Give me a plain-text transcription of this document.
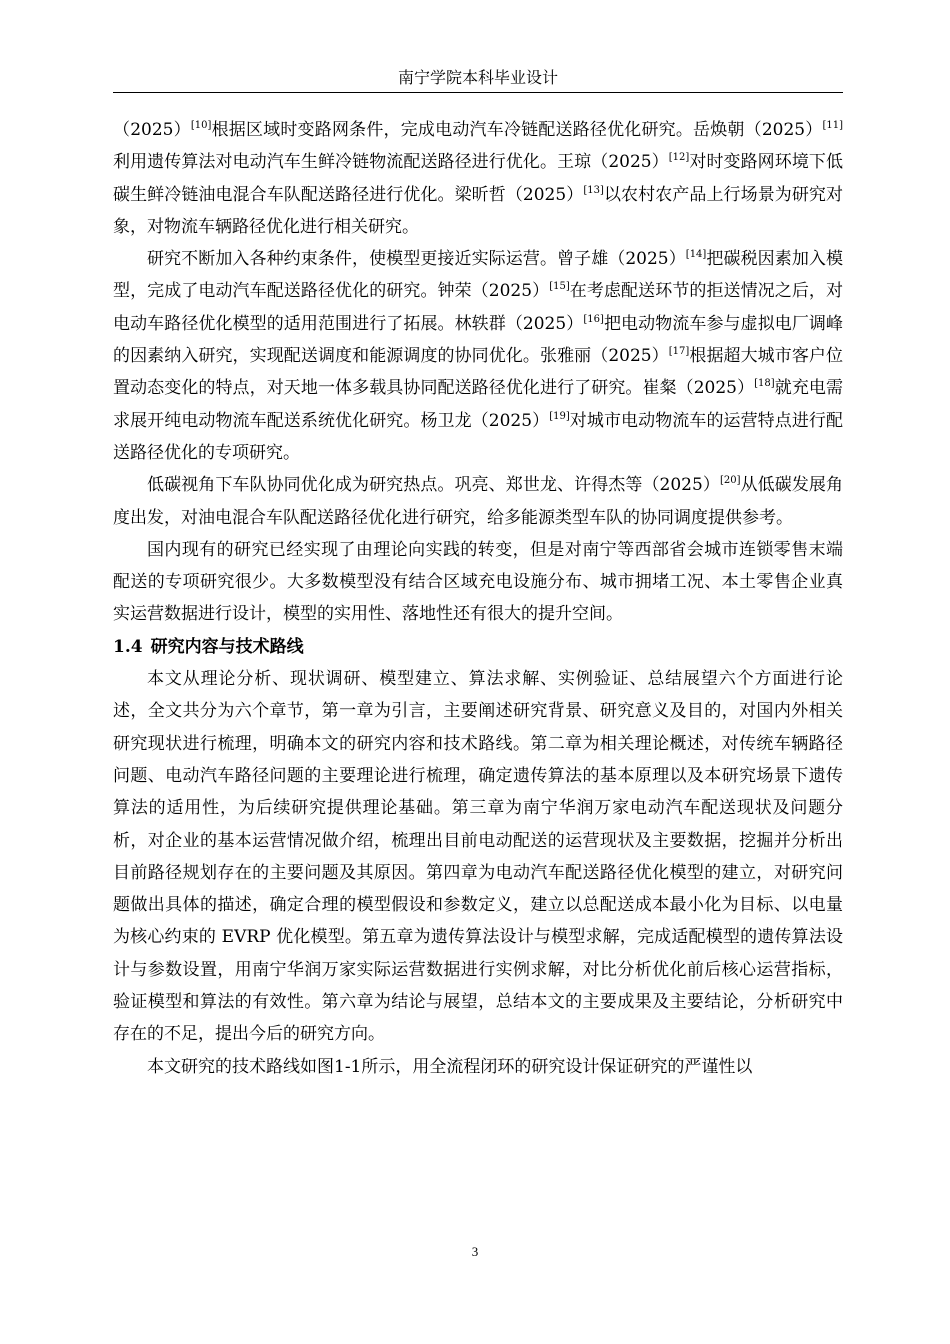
南宁学院本科毕业设计

（2025）[10]根据区域时变路网条件，完成电动汽车冷链配送路径优化研究。岳焕朝（2025）[11]利用遗传算法对电动汽车生鲜冷链物流配送路径进行优化。王琼（2025）[12]对时变路网环境下低碳生鲜冷链油电混合车队配送路径进行优化。梁昕哲（2025）[13]以农村农产品上行场景为研究对象，对物流车辆路径优化进行相关研究。

研究不断加入各种约束条件，使模型更接近实际运营。曾子雄（2025）[14]把碳税因素加入模型，完成了电动汽车配送路径优化的研究。钟荣（2025）[15]在考虑配送环节的拒送情况之后，对电动车路径优化模型的适用范围进行了拓展。林轶群（2025）[16]把电动物流车参与虚拟电厂调峰的因素纳入研究，实现配送调度和能源调度的协同优化。张雅丽（2025）[17]根据超大城市客户位置动态变化的特点，对天地一体多载具协同配送路径优化进行了研究。崔粲（2025）[18]就充电需求展开纯电动物流车配送系统优化研究。杨卫龙（2025）[19]对城市电动物流车的运营特点进行配送路径优化的专项研究。

低碳视角下车队协同优化成为研究热点。巩亮、郑世龙、许得杰等（2025）[20]从低碳发展角度出发，对油电混合车队配送路径优化进行研究，给多能源类型车队的协同调度提供参考。

国内现有的研究已经实现了由理论向实践的转变，但是对南宁等西部省会城市连锁零售末端配送的专项研究很少。大多数模型没有结合区域充电设施分布、城市拥堵工况、本土零售企业真实运营数据进行设计，模型的实用性、落地性还有很大的提升空间。

1.4 研究内容与技术路线

本文从理论分析、现状调研、模型建立、算法求解、实例验证、总结展望六个方面进行论述，全文共分为六个章节，第一章为引言，主要阐述研究背景、研究意义及目的，对国内外相关研究现状进行梳理，明确本文的研究内容和技术路线。第二章为相关理论概述，对传统车辆路径问题、电动汽车路径问题的主要理论进行梳理，确定遗传算法的基本原理以及本研究场景下遗传算法的适用性，为后续研究提供理论基础。第三章为南宁华润万家电动汽车配送现状及问题分析，对企业的基本运营情况做介绍，梳理出目前电动配送的运营现状及主要数据，挖掘并分析出目前路径规划存在的主要问题及其原因。第四章为电动汽车配送路径优化模型的建立，对研究问题做出具体的描述，确定合理的模型假设和参数定义，建立以总配送成本最小化为目标、以电量为核心约束的 EVRP 优化模型。第五章为遗传算法设计与模型求解，完成适配模型的遗传算法设计与参数设置，用南宁华润万家实际运营数据进行实例求解，对比分析优化前后核心运营指标，验证模型和算法的有效性。第六章为结论与展望，总结本文的主要成果及主要结论，分析研究中存在的不足，提出今后的研究方向。

本文研究的技术路线如图1-1所示，用全流程闭环的研究设计保证研究的严谨性以

3
